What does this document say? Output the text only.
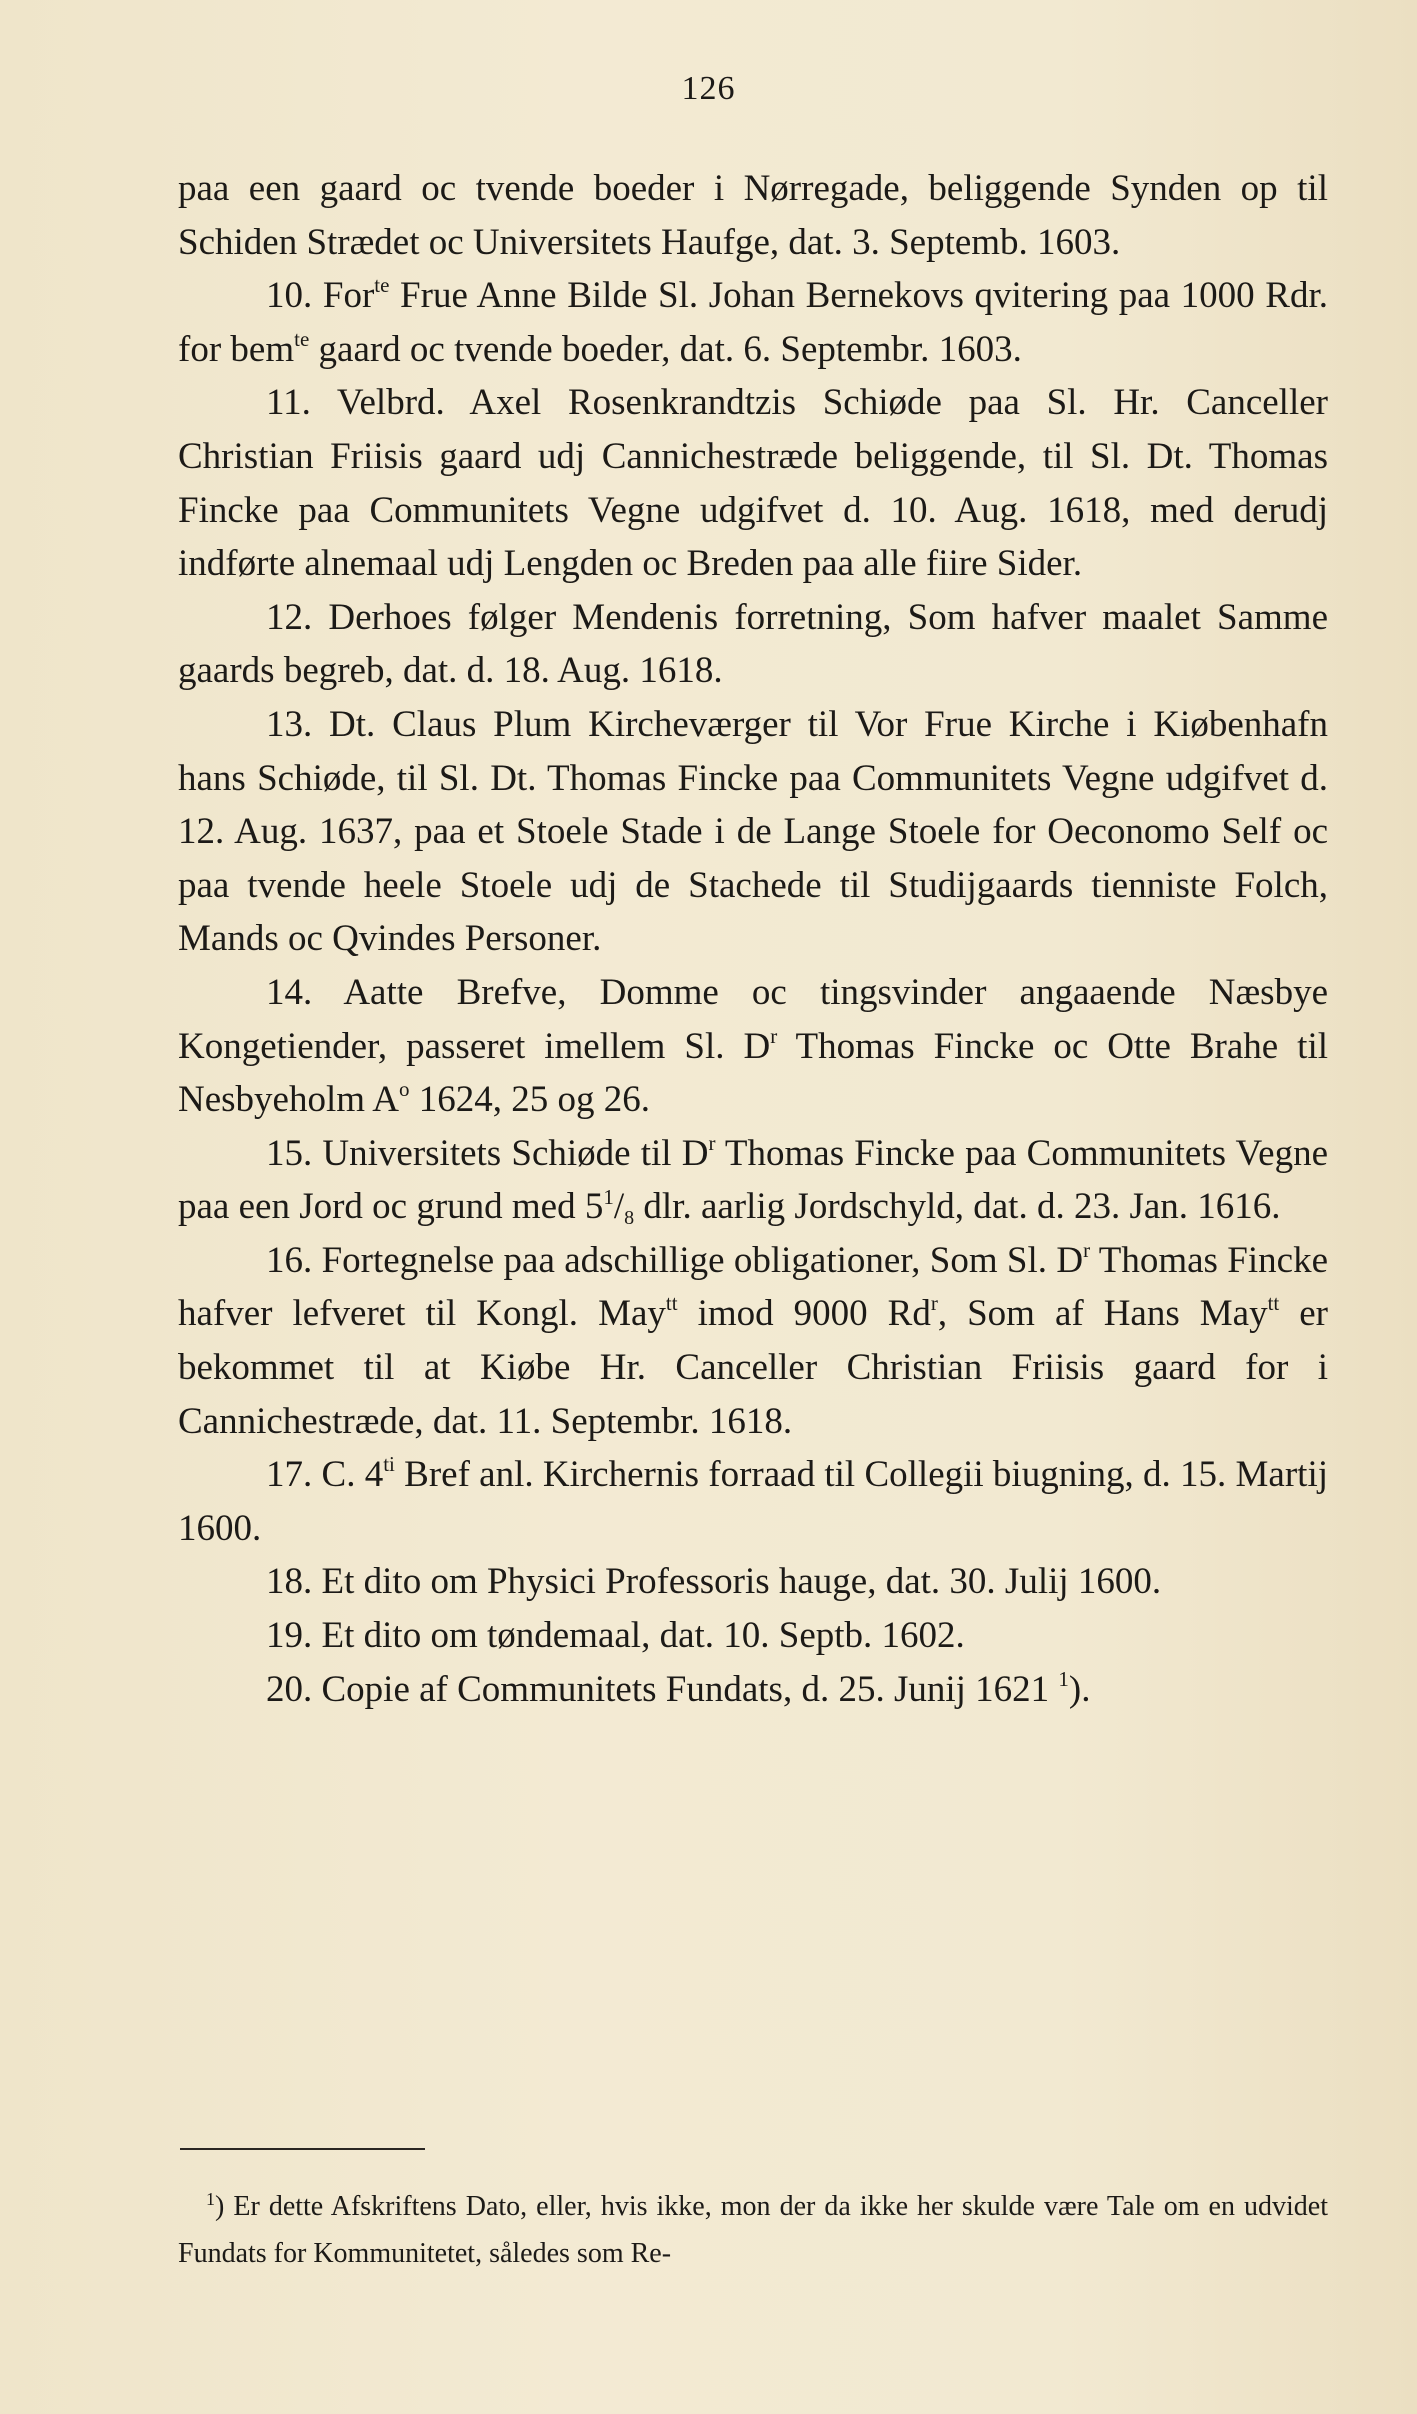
126

paa een gaard oc tvende boeder i Nørregade, beliggende Synden op til Schiden Strædet oc Universitets Haufge, dat. 3. Septemb. 1603.

10. For$^{te}$ Frue Anne Bilde Sl. Johan Bernekovs qvitering paa 1000 Rdr. for bem$^{te}$ gaard oc tvende boeder, dat. 6. Septembr. 1603.

11. Velbrd. Axel Rosenkrandtzis Schiøde paa Sl. Hr. Canceller Christian Friisis gaard udj Cannichestræde beliggende, til Sl. Dt. Thomas Fincke paa Communitets Vegne udgifvet d. 10. Aug. 1618, med derudj indførte alnemaal udj Lengden oc Breden paa alle fiire Sider.

12. Derhoes følger Mendenis forretning, Som hafver maalet Samme gaards begreb, dat. d. 18. Aug. 1618.

13. Dt. Claus Plum Kircheværger til Vor Frue Kirche i Kiøbenhafn hans Schiøde, til Sl. Dt. Thomas Fincke paa Communitets Vegne udgifvet d. 12. Aug. 1637, paa et Stoele Stade i de Lange Stoele for Oeconomo Self oc paa tvende heele Stoele udj de Stachede til Studijgaards tienniste Folch, Mands oc Qvindes Personer.

14. Aatte Brefve, Domme oc tingsvinder angaaende Næsbye Kongetiender, passeret imellem Sl. $D^r$ Thomas Fincke oc Otte Brahe til Nesbyeholm $A^o$ 1624, 25 og 26.

15. Universitets Schiøde til $D^r$ Thomas Fincke paa Communitets Vegne paa een Jord oc grund med $5^1/_8$ dlr. aarlig Jordschyld, dat. d. 23. Jan. 1616.

16. Fortegnelse paa adschillige obligationer, Som Sl. $D^r$ Thomas Fincke hafver lefveret til Kongl. May$^{tt}$ imod 9000 Rd$^r$, Som af Hans May$^{tt}$ er bekommet til at Kiøbe Hr. Canceller Christian Friisis gaard for i Cannichestræde, dat. 11. Septembr. 1618.

17. C. $4^{ti}$ Bref anl. Kirchernis forraad til Collegii biugning, d. 15. Martij 1600.

18. Et dito om Physici Professoris hauge, dat. 30. Julij 1600.

19. Et dito om tøndemaal, dat. 10. Septb. 1602.

20. Copie af Communitets Fundats, d. 25. Junij 1621 $^1$).

$^1$) Er dette Afskriftens Dato, eller, hvis ikke, mon der da ikke her skulde være Tale om en udvidet Fundats for Kommunitetet, således som Re-
